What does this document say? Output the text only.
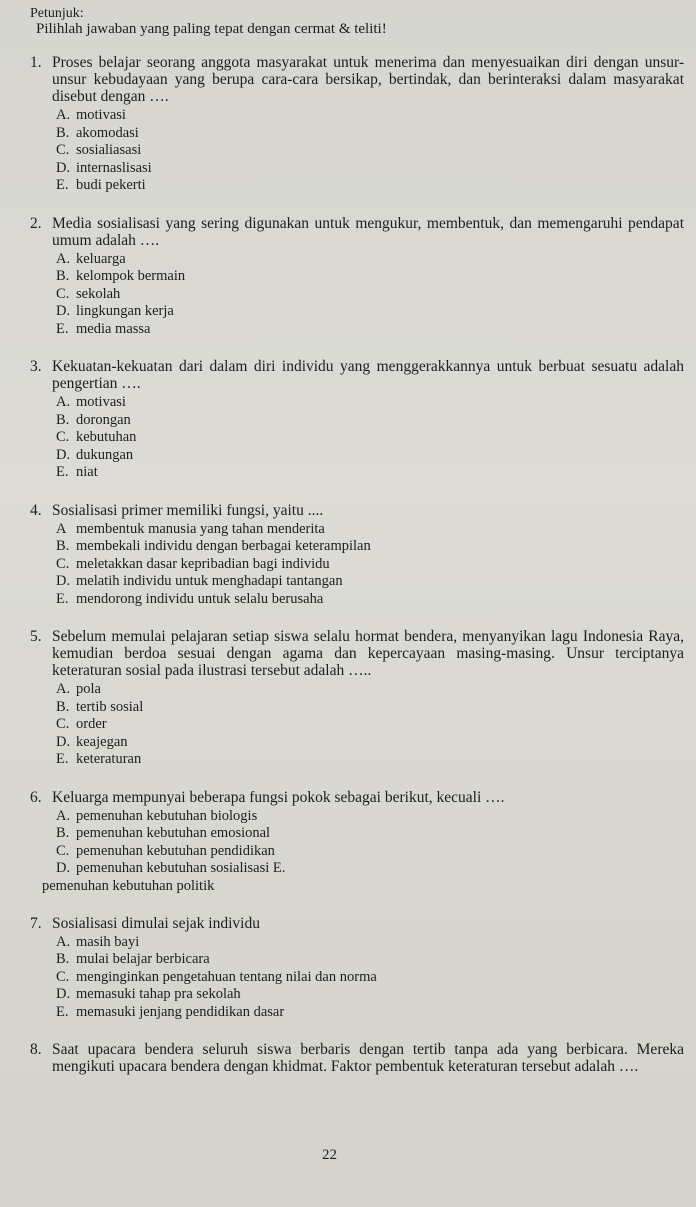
Petunjuk:
Pilihlah jawaban yang paling tepat dengan cermat & teliti!
1. Proses belajar seorang anggota masyarakat untuk menerima dan menyesuaikan diri dengan unsur-unsur kebudayaan yang berupa cara-cara bersikap, bertindak, dan berinteraksi dalam masyarakat disebut dengan ….
A. motivasi
B. akomodasi
C. sosialiasasi
D. internaslisasi
E. budi pekerti
2. Media sosialisasi yang sering digunakan untuk mengukur, membentuk, dan memengaruhi pendapat umum adalah ….
A. keluarga
B. kelompok bermain
C. sekolah
D. lingkungan kerja
E. media massa
3. Kekuatan-kekuatan dari dalam diri individu yang menggerakkannya untuk berbuat sesuatu adalah pengertian ….
A. motivasi
B. dorongan
C. kebutuhan
D. dukungan
E. niat
4. Sosialisasi primer memiliki fungsi, yaitu ....
A membentuk manusia yang tahan menderita
B. membekali individu dengan berbagai keterampilan
C. meletakkan dasar kepribadian bagi individu
D. melatih individu untuk menghadapi tantangan
E. mendorong individu untuk selalu berusaha
5. Sebelum memulai pelajaran setiap siswa selalu hormat bendera, menyanyikan lagu Indonesia Raya, kemudian berdoa sesuai dengan agama dan kepercayaan masing-masing. Unsur terciptanya keteraturan sosial pada ilustrasi tersebut adalah …..
A. pola
B. tertib sosial
C. order
D. keajegan
E. keteraturan
6. Keluarga mempunyai beberapa fungsi pokok sebagai berikut, kecuali ….
A. pemenuhan kebutuhan biologis
B. pemenuhan kebutuhan emosional
C. pemenuhan kebutuhan pendidikan
D. pemenuhan kebutuhan sosialisasi E.
pemenuhan kebutuhan politik
7. Sosialisasi dimulai sejak individu
A. masih bayi
B. mulai belajar berbicara
C. menginginkan pengetahuan tentang nilai dan norma
D. memasuki tahap pra sekolah
E. memasuki jenjang pendidikan dasar
8. Saat upacara bendera seluruh siswa berbaris dengan tertib tanpa ada yang berbicara. Mereka mengikuti upacara bendera dengan khidmat. Faktor pembentuk keteraturan tersebut adalah ….
22
